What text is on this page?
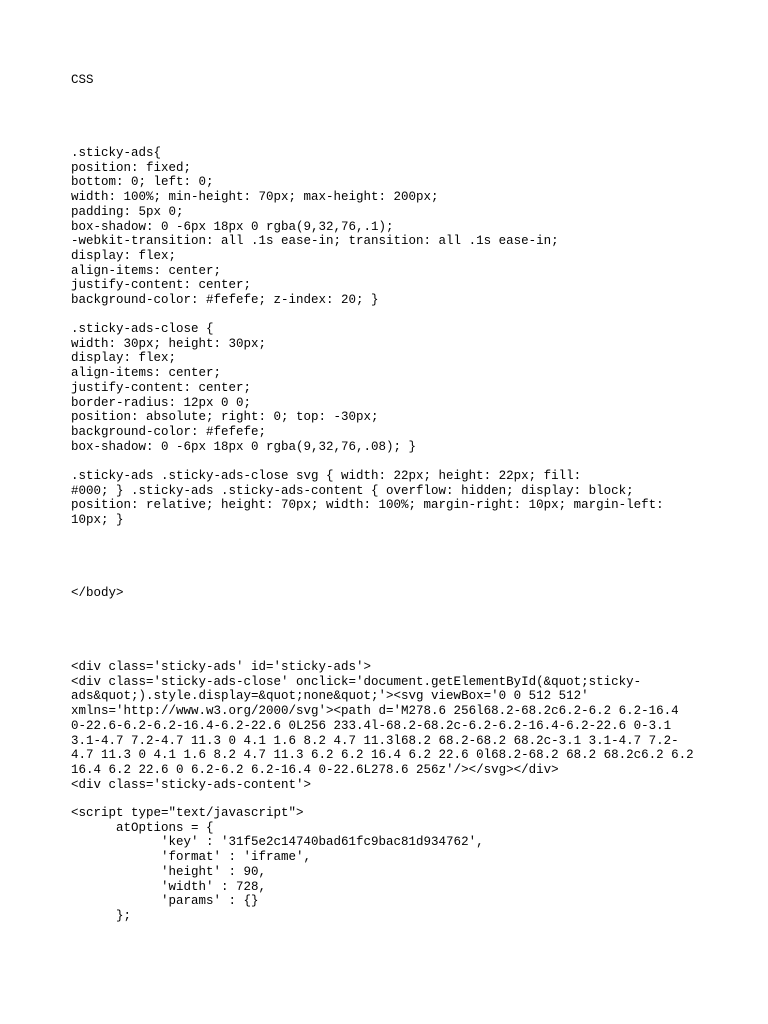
CSS
.sticky-ads{
position: fixed;
bottom: 0; left: 0;
width: 100%; min-height: 70px; max-height: 200px;
padding: 5px 0;
box-shadow: 0 -6px 18px 0 rgba(9,32,76,.1);
-webkit-transition: all .1s ease-in; transition: all .1s ease-in;
display: flex;
align-items: center;
justify-content: center;
background-color: #fefefe; z-index: 20; }
.sticky-ads-close {
width: 30px; height: 30px;
display: flex;
align-items: center;
justify-content: center;
border-radius: 12px 0 0;
position: absolute; right: 0; top: -30px;
background-color: #fefefe;
box-shadow: 0 -6px 18px 0 rgba(9,32,76,.08); }
.sticky-ads .sticky-ads-close svg { width: 22px; height: 22px; fill:
#000; } .sticky-ads .sticky-ads-content { overflow: hidden; display: block;
position: relative; height: 70px; width: 100%; margin-right: 10px; margin-left:
10px; }
</body>
<div class='sticky-ads' id='sticky-ads'>
<div class='sticky-ads-close' onclick='document.getElementById(&quot;sticky-
ads&quot;).style.display=&quot;none&quot;'><svg viewBox='0 0 512 512'
xmlns='http://www.w3.org/2000/svg'><path d='M278.6 256l68.2-68.2c6.2-6.2 6.2-16.4
0-22.6-6.2-6.2-16.4-6.2-22.6 0L256 233.4l-68.2-68.2c-6.2-6.2-16.4-6.2-22.6 0-3.1
3.1-4.7 7.2-4.7 11.3 0 4.1 1.6 8.2 4.7 11.3l68.2 68.2-68.2 68.2c-3.1 3.1-4.7 7.2-
4.7 11.3 0 4.1 1.6 8.2 4.7 11.3 6.2 6.2 16.4 6.2 22.6 0l68.2-68.2 68.2 68.2c6.2 6.2
16.4 6.2 22.6 0 6.2-6.2 6.2-16.4 0-22.6L278.6 256z'/></svg></div>
<div class='sticky-ads-content'>
<script type="text/javascript">
atOptions = {
'key' : '31f5e2c14740bad61fc9bac81d934762',
'format' : 'iframe',
'height' : 90,
'width' : 728,
'params' : {}
};
